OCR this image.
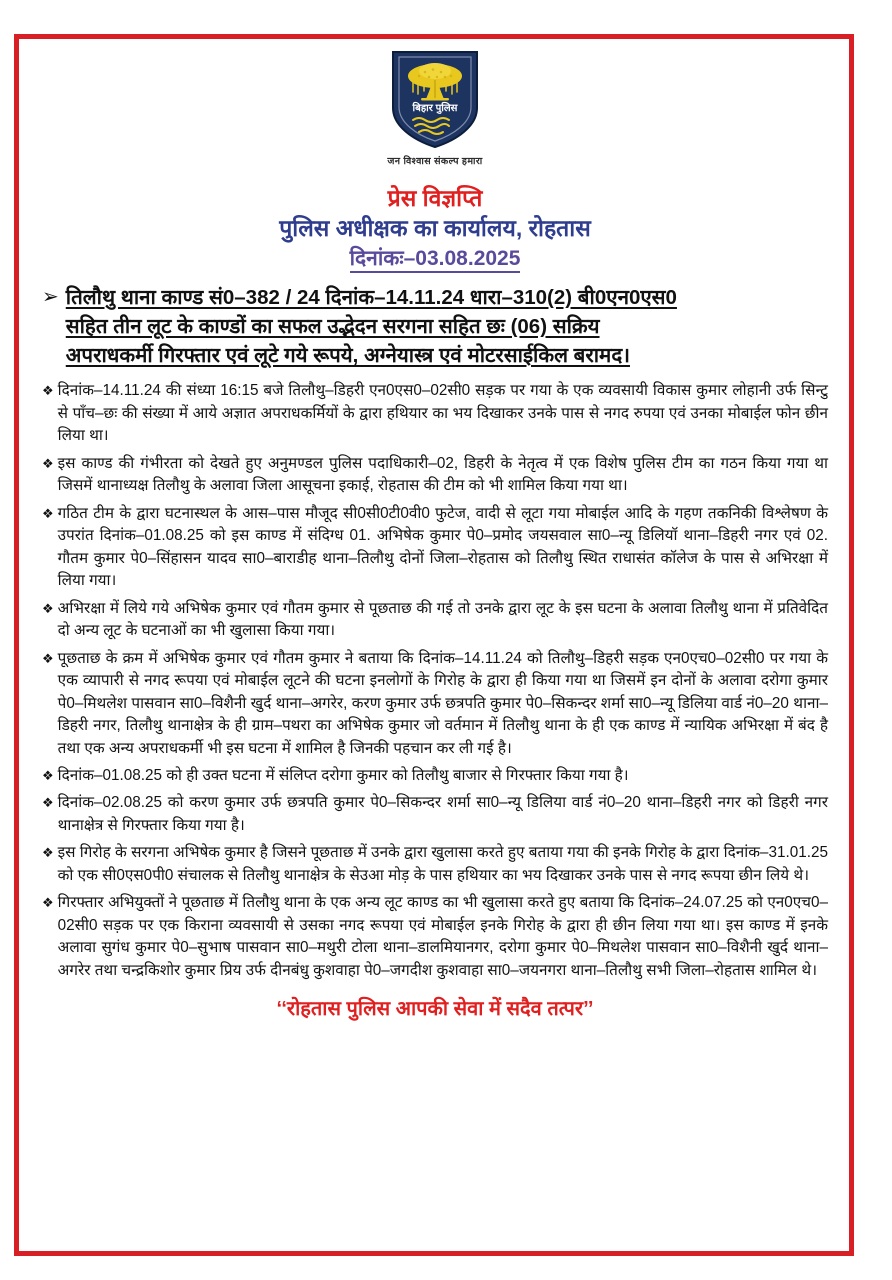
बिहार पुलिस
जन विश्वास संकल्प हमारा
प्रेस विज्ञप्ति
पुलिस अधीक्षक का कार्यालय, रोहतास
दिनांकः–03.08.2025
➢ तिलौथु थाना काण्ड सं0–382 / 24 दिनांक–14.11.24 धारा–310(2) बी0एन0एस0
सहित तीन लूट के काण्डों का सफल उद्भेदन सरगना सहित छः (06) सक्रिय
अपराधकर्मी गिरफ्तार एवं लूटे गये रूपये, अग्नेयास्त्र एवं मोटरसाईकिल बरामद।
❖ दिनांक–14.11.24 की संध्या 16:15 बजे तिलौथु–डिहरी एन0एस0–02सी0 सड़क पर गया के एक व्यवसायी विकास कुमार लोहानी उर्फ सिन्टु से पॉंच–छः की संख्या में आये अज्ञात अपराधकर्मियों के द्वारा हथियार का भय दिखाकर उनके पास से नगद रुपया एवं उनका मोबाईल फोन छीन लिया था।
❖ इस काण्ड की गंभीरता को देखते हुए अनुमण्डल पुलिस पदाधिकारी–02, डिहरी के नेतृत्व में एक विशेष पुलिस टीम का गठन किया गया था जिसमें थानाध्यक्ष तिलौथु के अलावा जिला आसूचना इकाई, रोहतास की टीम को भी शामिल किया गया था।
❖ गठित टीम के द्वारा घटनास्थल के आस–पास मौजूद सी0सी0टी0वी0 फुटेज, वादी से लूटा गया मोबाईल आदि के गहण तकनिकी विश्लेषण के उपरांत दिनांक–01.08.25 को इस काण्ड में संदिग्ध 01. अभिषेक कुमार पे0–प्रमोद जयसवाल सा0–न्यू डिलियॉ थाना–डिहरी नगर एवं 02. गौतम कुमार पे0–सिंहासन यादव सा0–बाराडीह थाना–तिलौथु दोनों जिला–रोहतास को तिलौथु स्थित राधासंत कॉलेज के पास से अभिरक्षा में लिया गया।
❖ अभिरक्षा में लिये गये अभिषेक कुमार एवं गौतम कुमार से पूछताछ की गई तो उनके द्वारा लूट के इस घटना के अलावा तिलौथु थाना में प्रतिवेदित दो अन्य लूट के घटनाओं का भी खुलासा किया गया।
❖ पूछताछ के क्रम में अभिषेक कुमार एवं गौतम कुमार ने बताया कि दिनांक–14.11.24 को तिलौथु–डिहरी सड़क एन0एच0–02सी0 पर गया के एक व्यापारी से नगद रूपया एवं मोबाईल लूटने की घटना इनलोगों के गिरोह के द्वारा ही किया गया था जिसमें इन दोनों के अलावा दरोगा कुमार पे0–मिथलेश पासवान सा0–विशैनी खुर्द थाना–अगरेर, करण कुमार उर्फ छत्रपति कुमार पे0–सिकन्दर शर्मा सा0–न्यू डिलिया वार्ड नं0–20 थाना–डिहरी नगर, तिलौथु थानाक्षेत्र के ही ग्राम–पथरा का अभिषेक कुमार जो वर्तमान में तिलौथु थाना के ही एक काण्ड में न्यायिक अभिरक्षा में बंद है तथा एक अन्य अपराधकर्मी भी इस घटना में शामिल है जिनकी पहचान कर ली गई है।
❖ दिनांक–01.08.25 को ही उक्त घटना में संलिप्त दरोगा कुमार को तिलौथु बाजार से गिरफ्तार किया गया है।
❖ दिनांक–02.08.25 को करण कुमार उर्फ छत्रपति कुमार पे0–सिकन्दर शर्मा सा0–न्यू डिलिया वार्ड नं0–20 थाना–डिहरी नगर को डिहरी नगर थानाक्षेत्र से गिरफ्तार किया गया है।
❖ इस गिरोह के सरगना अभिषेक कुमार है जिसने पूछताछ में उनके द्वारा खुलासा करते हुए बताया गया की इनके गिरोह के द्वारा दिनांक–31.01.25 को एक सी0एस0पी0 संचालक से तिलौथु थानाक्षेत्र के सेउआ मोड़ के पास हथियार का भय दिखाकर उनके पास से नगद रूपया छीन लिये थे।
❖ गिरफ्तार अभियुक्तों ने पूछताछ में तिलौथु थाना के एक अन्य लूट काण्ड का भी खुलासा करते हुए बताया कि दिनांक–24.07.25 को एन0एच0–02सी0 सड़क पर एक किराना व्यवसायी से उसका नगद रूपया एवं मोबाईल इनके गिरोह के द्वारा ही छीन लिया गया था। इस काण्ड में इनके अलावा सुगंध कुमार पे0–सुभाष पासवान सा0–मथुरी टोला थाना–डालमियानगर, दरोगा कुमार पे0–मिथलेश पासवान सा0–विशैनी खुर्द थाना–अगरेर तथा चन्द्रकिशोर कुमार प्रिय उर्फ दीनबंधु कुशवाहा पे0–जगदीश कुशवाहा सा0–जयनगरा थाना–तिलौथु सभी जिला–रोहतास शामिल थे।
‘‘रोहतास पुलिस आपकी सेवा में सदैव तत्पर’’
